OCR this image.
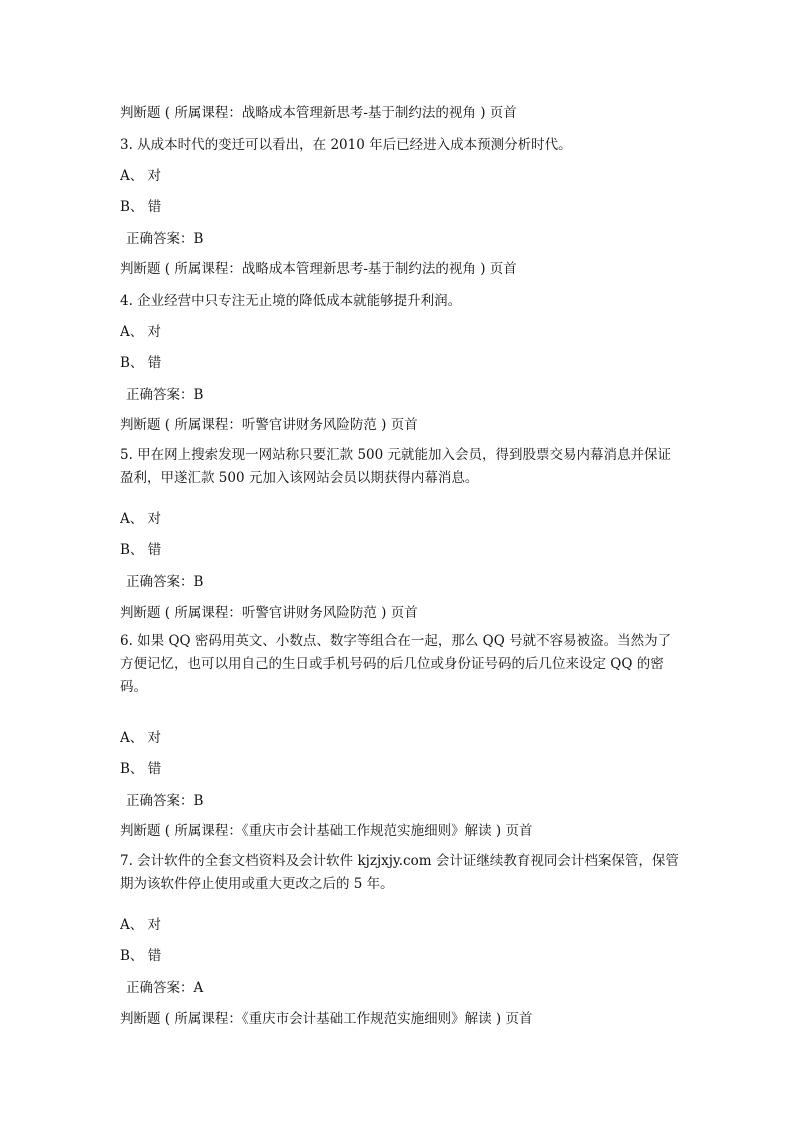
判断题 ( 所属课程：战略成本管理新思考-基于制约法的视角 ) 页首
3. 从成本时代的变迁可以看出，在 2010 年后已经进入成本预测分析时代。
A、 对
B、 错
正确答案：B
判断题 ( 所属课程：战略成本管理新思考-基于制约法的视角 ) 页首
4. 企业经营中只专注无止境的降低成本就能够提升利润。
A、 对
B、 错
正确答案：B
判断题 ( 所属课程：听警官讲财务风险防范 ) 页首
5. 甲在网上搜索发现一网站称只要汇款 500 元就能加入会员，得到股票交易内幕消息并保证盈利，甲遂汇款 500 元加入该网站会员以期获得内幕消息。
A、 对
B、 错
正确答案：B
判断题 ( 所属课程：听警官讲财务风险防范 ) 页首
6. 如果 QQ 密码用英文、小数点、数字等组合在一起，那么 QQ 号就不容易被盗。当然为了方便记忆，也可以用自己的生日或手机号码的后几位或身份证号码的后几位来设定 QQ 的密码。
A、 对
B、 错
正确答案：B
判断题 ( 所属课程：《重庆市会计基础工作规范实施细则》解读 ) 页首
7. 会计软件的全套文档资料及会计软件 kjzjxjy.com 会计证继续教育视同会计档案保管，保管期为该软件停止使用或重大更改之后的 5 年。
A、 对
B、 错
正确答案：A
判断题 ( 所属课程：《重庆市会计基础工作规范实施细则》解读 ) 页首
